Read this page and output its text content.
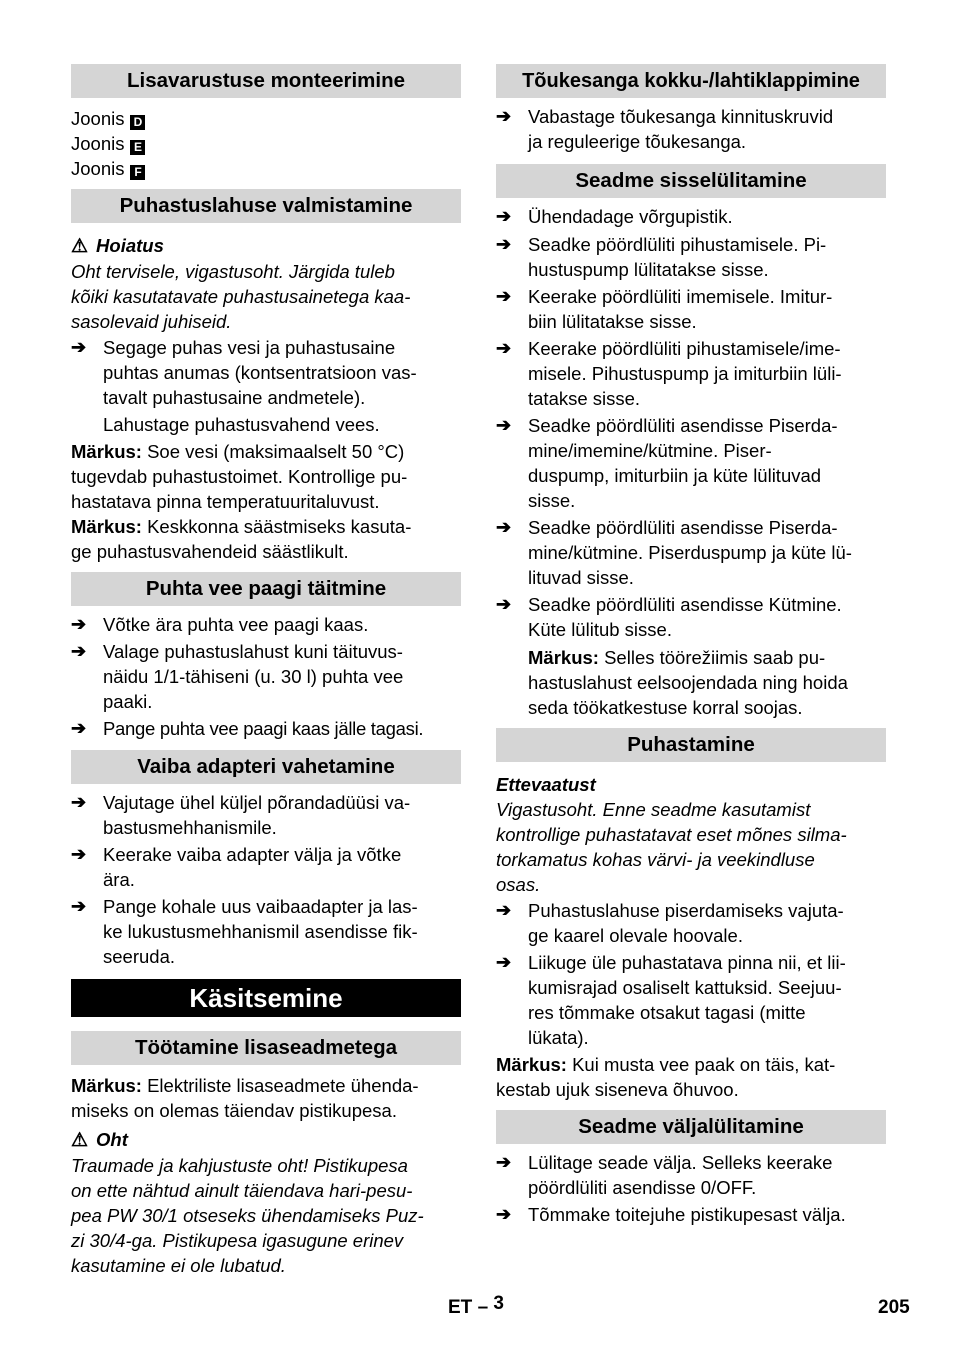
Lisavarustuse monteerimine
Joonis D
Joonis E
Joonis F
Puhastuslahuse valmistamine
⚠ Hoiatus
Oht tervisele, vigastusoht. Järgida tuleb
kõiki kasutatavate puhastusainetega kaa-
sasolevaid juhiseid.
➔ Segage puhas vesi ja puhastusaine
puhtas anumas (kontsentratsioon vas-
tavalt puhastusaine andmetele).
Lahustage puhastusvahend vees.
Märkus: Soe vesi (maksimaalselt 50 °C)
tugevdab puhastustoimet. Kontrollige pu-
hastatava pinna temperatuuritaluvust.
Märkus: Keskkonna säästmiseks kasuta-
ge puhastusvahendeid säästlikult.
Puhta vee paagi täitmine
➔ Võtke ära puhta vee paagi kaas.
➔ Valage puhastuslahust kuni täituvus-
näidu 1/1-tähiseni (u. 30 l) puhta vee
paaki.
➔ Pange puhta vee paagi kaas jälle tagasi.
Vaiba adapteri vahetamine
➔ Vajutage ühel küljel põrandadüüsi va-
bastusmehhanismile.
➔ Keerake vaiba adapter välja ja võtke
ära.
➔ Pange kohale uus vaibaadapter ja las-
ke lukustusmehhanismil asendisse fik-
seeruda.
Käsitsemine
Töötamine lisaseadmetega
Märkus: Elektriliste lisaseadmete ühenda-
miseks on olemas täiendav pistikupesa.
⚠ Oht
Traumade ja kahjustuste oht! Pistikupesa
on ette nähtud ainult täiendava hari-pesu-
pea PW 30/1 otseseks ühendamiseks Puz-
zi 30/4-ga. Pistikupesa igasugune erinev
kasutamine ei ole lubatud.
Tõukesanga kokku-/lahtiklappimine
➔ Vabastage tõukesanga kinnituskruvid
ja reguleerige tõukesanga.
Seadme sisselülitamine
➔ Ühendadage võrgupistik.
➔ Seadke pöördlüliti pihustamisele. Pi-
hustuspump lülitatakse sisse.
➔ Keerake pöördlüliti imemisele. Imitur-
biin lülitatakse sisse.
➔ Keerake pöördlüliti pihustamisele/ime-
misele. Pihustuspump ja imiturbiin lüli-
tatakse sisse.
➔ Seadke pöördlüliti asendisse Piserda-
mine/imemine/kütmine. Piser-
duspump, imiturbiin ja küte lülituvad
sisse.
➔ Seadke pöördlüliti asendisse Piserda-
mine/kütmine. Piserduspump ja küte lü-
lituvad sisse.
➔ Seadke pöördlüliti asendisse Kütmine.
Küte lülitub sisse.
Märkus: Selles töörežiimis saab pu-
hastuslahust eelsoojendada ning hoida
seda töökatkestuse korral soojas.
Puhastamine
Ettevaatust
Vigastusoht. Enne seadme kasutamist
kontrollige puhastatavat eset mõnes silma-
torkamatus kohas värvi- ja veekindluse
osas.
➔ Puhastuslahuse piserdamiseks vajuta-
ge kaarel olevale hoovale.
➔ Liikuge üle puhastatava pinna nii, et lii-
kumisrajad osaliselt kattuksid. Seejuu-
res tõmmake otsakut tagasi (mitte
lükata).
Märkus: Kui musta vee paak on täis, kat-
kestab ujuk siseneva õhuvoo.
Seadme väljalülitamine
➔ Lülitage seade välja. Selleks keerake
pöördlüliti asendisse 0/OFF.
➔ Tõmmake toitejuhe pistikupesast välja.
ET – 3	205
